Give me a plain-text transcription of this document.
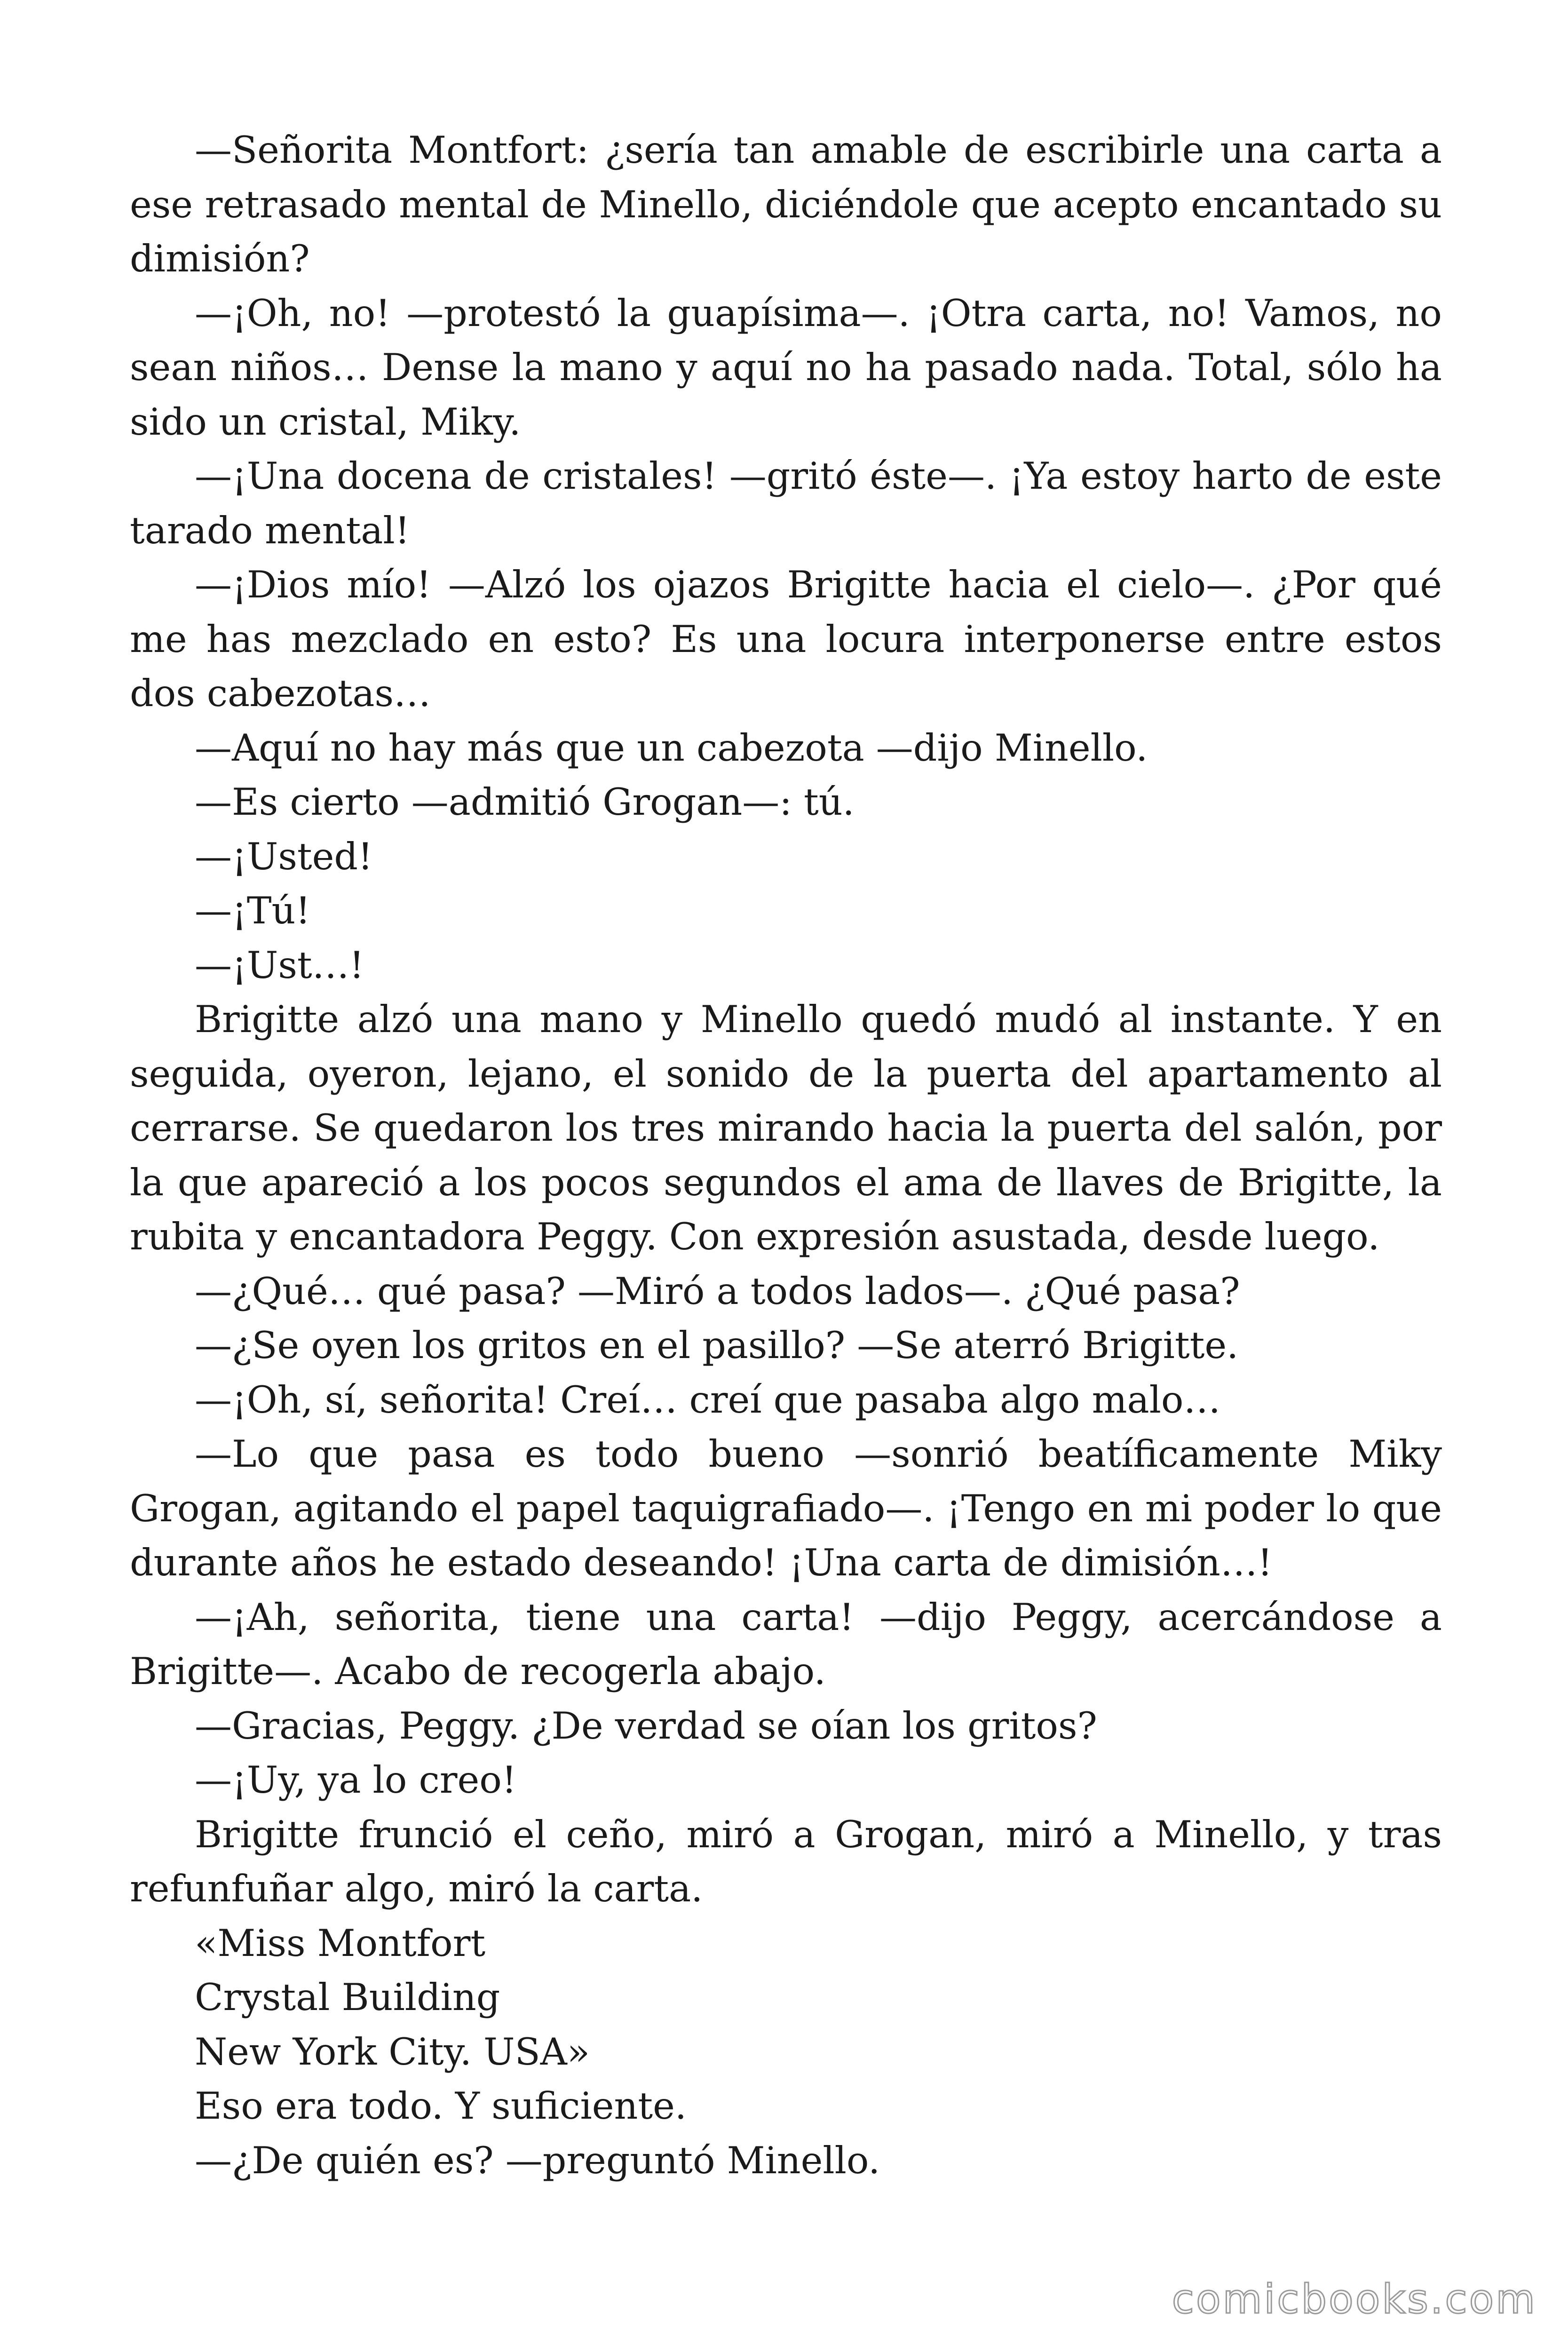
—Señorita Montfort: ¿sería tan amable de escribirle una carta a ese retrasado mental de Minello, diciéndole que acepto encantado su dimisión?

—¡Oh, no! —protestó la guapísima—. ¡Otra carta, no! Vamos, no sean niños… Dense la mano y aquí no ha pasado nada. Total, sólo ha sido un cristal, Miky.

—¡Una docena de cristales! —gritó éste—. ¡Ya estoy harto de este tarado mental!

—¡Dios mío! —Alzó los ojazos Brigitte hacia el cielo—. ¿Por qué me has mezclado en esto? Es una locura interponerse entre estos dos cabezotas…

—Aquí no hay más que un cabezota —dijo Minello.

—Es cierto —admitió Grogan—: tú.

—¡Usted!

—¡Tú!

—¡Ust…!

Brigitte alzó una mano y Minello quedó mudó al instante. Y en seguida, oyeron, lejano, el sonido de la puerta del apartamento al cerrarse. Se quedaron los tres mirando hacia la puerta del salón, por la que apareció a los pocos segundos el ama de llaves de Brigitte, la rubita y encantadora Peggy. Con expresión asustada, desde luego.

—¿Qué… qué pasa? —Miró a todos lados—. ¿Qué pasa?

—¿Se oyen los gritos en el pasillo? —Se aterró Brigitte.

—¡Oh, sí, señorita! Creí… creí que pasaba algo malo…

—Lo que pasa es todo bueno —sonrió beatíficamente Miky Grogan, agitando el papel taquigrafiado—. ¡Tengo en mi poder lo que durante años he estado deseando! ¡Una carta de dimisión…!

—¡Ah, señorita, tiene una carta! —dijo Peggy, acercándose a Brigitte—. Acabo de recogerla abajo.

—Gracias, Peggy. ¿De verdad se oían los gritos?

—¡Uy, ya lo creo!

Brigitte frunció el ceño, miró a Grogan, miró a Minello, y tras refunfuñar algo, miró la carta.

«Miss Montfort

Crystal Building

New York City. USA»

Eso era todo. Y suficiente.

—¿De quién es? —preguntó Minello.

comicbooks.com
